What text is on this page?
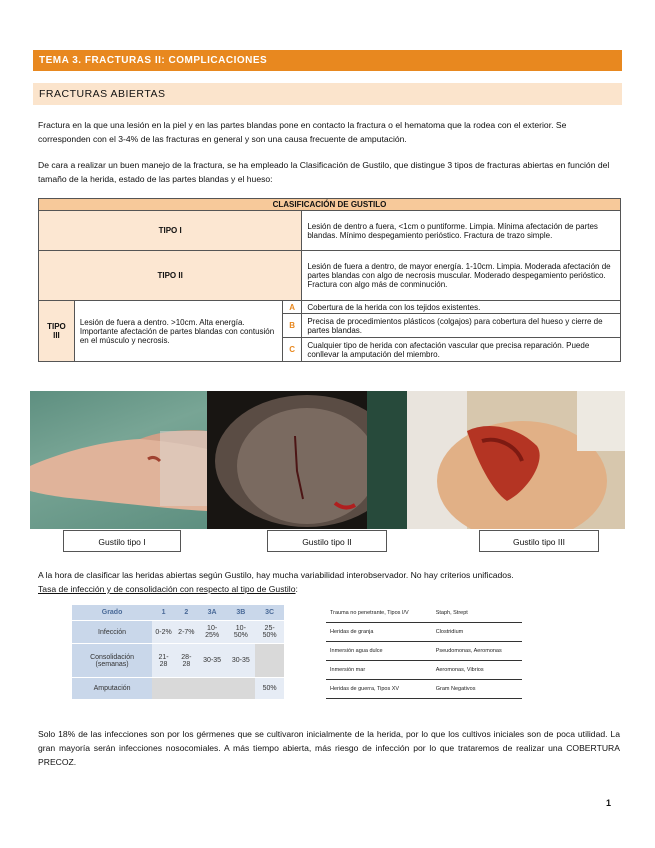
TEMA 3. FRACTURAS II: COMPLICACIONES
FRACTURAS ABIERTAS
Fractura en la que una lesión en la piel y en las partes blandas pone en contacto la fractura o el hematoma que la rodea con el exterior. Se corresponden con el 3-4% de las fracturas en general y son una causa frecuente de amputación.
De cara a realizar un buen manejo de la fractura, se ha empleado la Clasificación de Gustilo, que distingue 3 tipos de fracturas abiertas en función del tamaño de la herida, estado de las partes blandas y el hueso:
CLASIFICACIÓN DE GUSTILO			
TIPO I			Lesión de dentro a fuera, <1cm o puntiforme. Limpia. Mínima afectación de partes blandas. Mínimo despegamiento perióstico. Fractura de trazo simple.
TIPO II			Lesión de fuera a dentro, de mayor energía. 1-10cm. Limpia. Moderada afectación de partes blandas con algo de necrosis muscular. Moderado despegamiento perióstico. Fractura con algo más de conminución.
TIPO III	Lesión de fuera a dentro. >10cm. Alta energía. Importante afectación de partes blandas con contusión en el músculo y necrosis.	A	Cobertura de la herida con los tejidos existentes.
		B	Precisa de procedimientos plásticos (colgajos) para cobertura del hueso y cierre de partes blandas.
		C	Cualquier tipo de herida con afectación vascular que precisa reparación. Puede conllevar la amputación del miembro.
Gustilo tipo I	Gustilo tipo II	Gustilo tipo III
A la hora de clasificar las heridas abiertas según Gustilo, hay mucha variabilidad interobservador. No hay criterios unificados.
Tasa de infección y de consolidación con respecto al tipo de Gustilo:
Grado	1	2	3A	3B	3C
Infección	0-2%	2-7%	10-25%	10-50%	25-50%
Consolidación (semanas)	21-28	28-28	30-35	30-35	
Amputación					50%
Trauma no penetrante, Tipos I/V	Staph, Strept
Heridas de granja	Clostridium
Inmersión agua dulce	Pseudomonas, Aeromonas
Inmersión mar	Aeromonas, Vibrios
Heridas de guerra, Tipos XV	Gram Negativos
Solo 18% de las infecciones son por los gérmenes que se cultivaron inicialmente de la herida, por lo que los cultivos iniciales son de poca utilidad. La gran mayoría serán infecciones nosocomiales. A más tiempo abierta, más riesgo de infección por lo que trataremos de realizar una COBERTURA PRECOZ.
1
